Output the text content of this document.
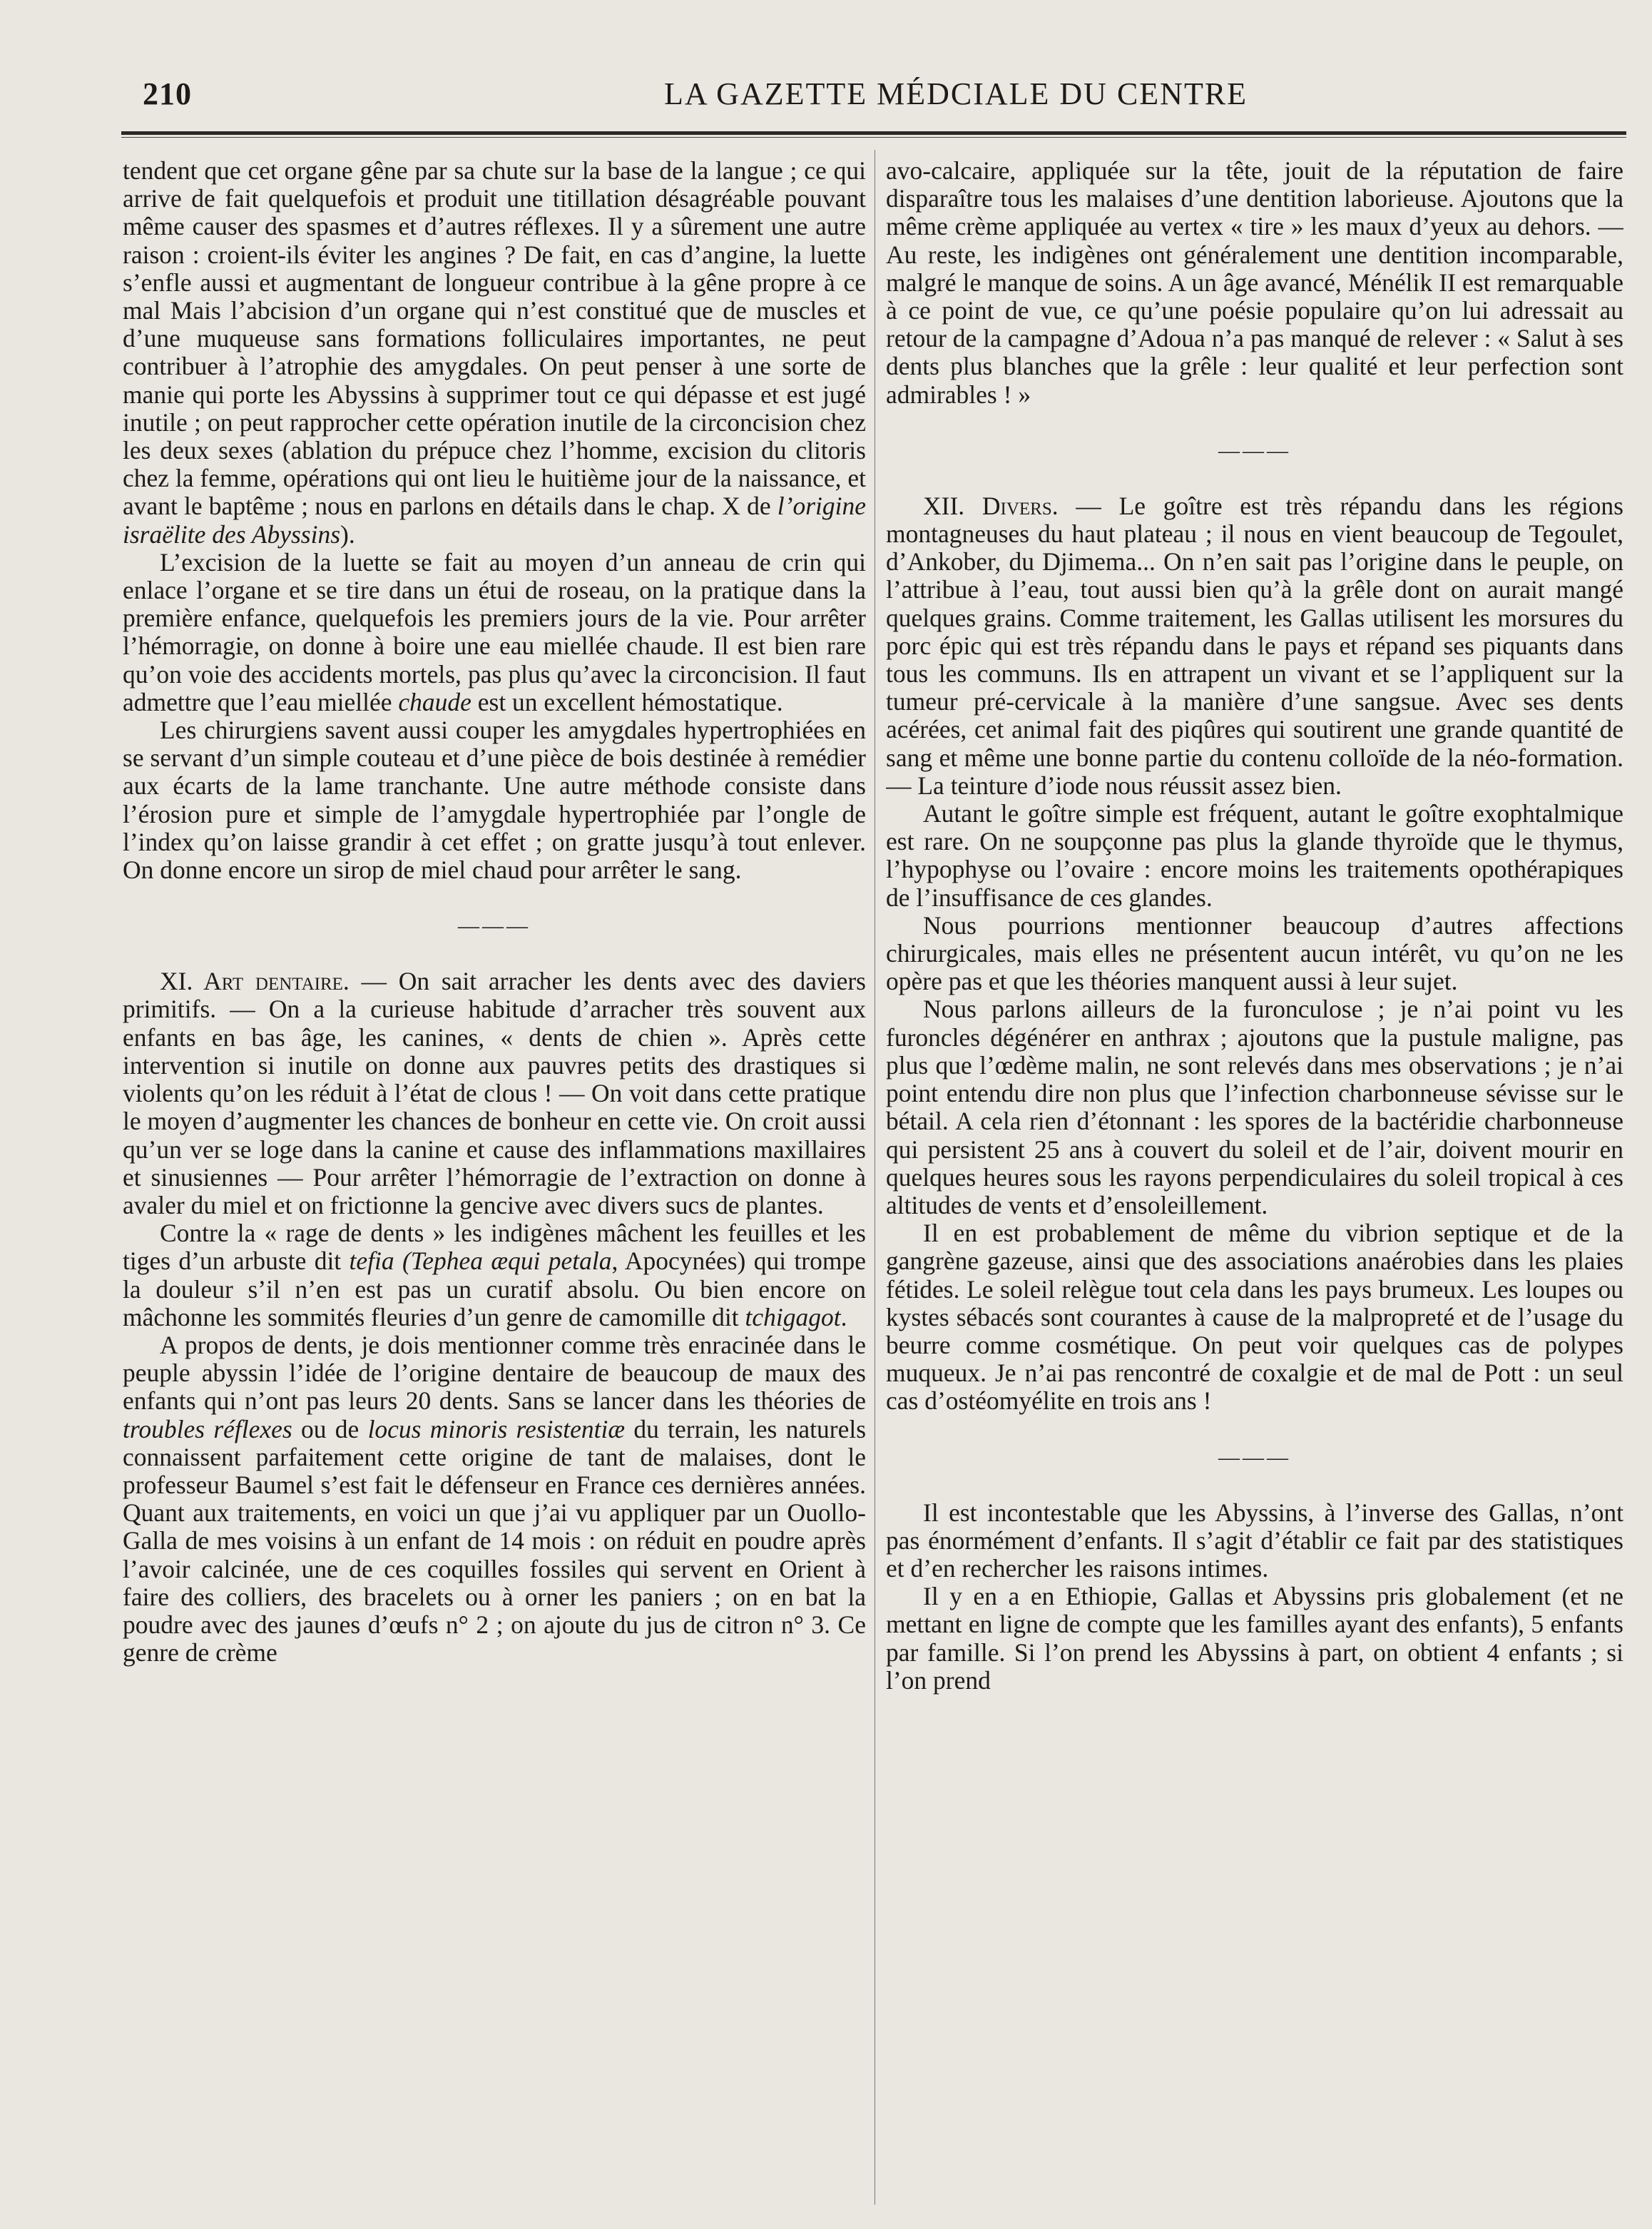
210	LA GAZETTE MÉDCIALE DU CENTRE

tendent que cet organe gêne par sa chute sur la base de la langue ; ce qui arrive de fait quelquefois et produit une titillation désagréable pouvant même causer des spasmes et d’autres réflexes. Il y a sûrement une autre raison : croient-ils éviter les angines ? De fait, en cas d’angine, la luette s’enfle aussi et augmentant de longueur contribue à la gêne propre à ce mal Mais l’abcision d’un organe qui n’est constitué que de muscles et d’une muqueuse sans formations folliculaires importantes, ne peut contribuer à l’atrophie des amygdales. On peut penser à une sorte de manie qui porte les Abyssins à supprimer tout ce qui dépasse et est jugé inutile ; on peut rapprocher cette opération inutile de la circoncision chez les deux sexes (ablation du prépuce chez l’homme, excision du clitoris chez la femme, opérations qui ont lieu le huitième jour de la naissance, et avant le baptême ; nous en parlons en détails dans le chap. X de l’origine israëlite des Abyssins).

L’excision de la luette se fait au moyen d’un anneau de crin qui enlace l’organe et se tire dans un étui de roseau, on la pratique dans la première enfance, quelquefois les premiers jours de la vie. Pour arrêter l’hémorragie, on donne à boire une eau miellée chaude. Il est bien rare qu’on voie des accidents mortels, pas plus qu’avec la circoncision. Il faut admettre que l’eau miellée chaude est un excellent hémostatique.

Les chirurgiens savent aussi couper les amygdales hypertrophiées en se servant d’un simple couteau et d’une pièce de bois destinée à remédier aux écarts de la lame tranchante. Une autre méthode consiste dans l’érosion pure et simple de l’amygdale hypertrophiée par l’ongle de l’index qu’on laisse grandir à cet effet ; on gratte jusqu’à tout enlever. On donne encore un sirop de miel chaud pour arrêter le sang.

———

XI. Art dentaire. — On sait arracher les dents avec des daviers primitifs. — On a la curieuse habitude d’arracher très souvent aux enfants en bas âge, les canines, « dents de chien ». Après cette intervention si inutile on donne aux pauvres petits des drastiques si violents qu’on les réduit à l’état de clous ! — On voit dans cette pratique le moyen d’augmenter les chances de bonheur en cette vie. On croit aussi qu’un ver se loge dans la canine et cause des inflammations maxillaires et sinusiennes — Pour arrêter l’hémorragie de l’extraction on donne à avaler du miel et on frictionne la gencive avec divers sucs de plantes.

Contre la « rage de dents » les indigènes mâchent les feuilles et les tiges d’un arbuste dit tefia (Tephea æqui petala, Apocynées) qui trompe la douleur s’il n’en est pas un curatif absolu. Ou bien encore on mâchonne les sommités fleuries d’un genre de camomille dit tchigagot.

A propos de dents, je dois mentionner comme très enracinée dans le peuple abyssin l’idée de l’origine dentaire de beaucoup de maux des enfants qui n’ont pas leurs 20 dents. Sans se lancer dans les théories de troubles réflexes ou de locus minoris resistentiæ du terrain, les naturels connaissent parfaitement cette origine de tant de malaises, dont le professeur Baumel s’est fait le défenseur en France ces dernières années. Quant aux traitements, en voici un que j’ai vu appliquer par un Ouollo-Galla de mes voisins à un enfant de 14 mois : on réduit en poudre après l’avoir calcinée, une de ces coquilles fossiles qui servent en Orient à faire des colliers, des bracelets ou à orner les paniers ; on en bat la poudre avec des jaunes d’œufs n° 2 ; on ajoute du jus de citron n° 3. Ce genre de crème

avo-calcaire, appliquée sur la tête, jouit de la réputation de faire disparaître tous les malaises d’une dentition laborieuse. Ajoutons que la même crème appliquée au vertex « tire » les maux d’yeux au dehors. — Au reste, les indigènes ont généralement une dentition incomparable, malgré le manque de soins. A un âge avancé, Ménélik II est remarquable à ce point de vue, ce qu’une poésie populaire qu’on lui adressait au retour de la campagne d’Adoua n’a pas manqué de relever : « Salut à ses dents plus blanches que la grêle : leur qualité et leur perfection sont admirables ! »

———

XII. Divers. — Le goître est très répandu dans les régions montagneuses du haut plateau ; il nous en vient beaucoup de Tegoulet, d’Ankober, du Djimema... On n’en sait pas l’origine dans le peuple, on l’attribue à l’eau, tout aussi bien qu’à la grêle dont on aurait mangé quelques grains. Comme traitement, les Gallas utilisent les morsures du porc épic qui est très répandu dans le pays et répand ses piquants dans tous les communs. Ils en attrapent un vivant et se l’appliquent sur la tumeur pré-cervicale à la manière d’une sangsue. Avec ses dents acérées, cet animal fait des piqûres qui soutirent une grande quantité de sang et même une bonne partie du contenu colloïde de la néo-formation. — La teinture d’iode nous réussit assez bien.

Autant le goître simple est fréquent, autant le goître exophtalmique est rare. On ne soupçonne pas plus la glande thyroïde que le thymus, l’hypophyse ou l’ovaire : encore moins les traitements opothérapiques de l’insuffisance de ces glandes.

Nous pourrions mentionner beaucoup d’autres affections chirurgicales, mais elles ne présentent aucun intérêt, vu qu’on ne les opère pas et que les théories manquent aussi à leur sujet.

Nous parlons ailleurs de la furonculose ; je n’ai point vu les furoncles dégénérer en anthrax ; ajoutons que la pustule maligne, pas plus que l’œdème malin, ne sont relevés dans mes observations ; je n’ai point entendu dire non plus que l’infection charbonneuse sévisse sur le bétail. A cela rien d’étonnant : les spores de la bactéridie charbonneuse qui persistent 25 ans à couvert du soleil et de l’air, doivent mourir en quelques heures sous les rayons perpendiculaires du soleil tropical à ces altitudes de vents et d’ensoleillement.

Il en est probablement de même du vibrion septique et de la gangrène gazeuse, ainsi que des associations anaérobies dans les plaies fétides. Le soleil relègue tout cela dans les pays brumeux. Les loupes ou kystes sébacés sont courantes à cause de la malpropreté et de l’usage du beurre comme cosmétique. On peut voir quelques cas de polypes muqueux. Je n’ai pas rencontré de coxalgie et de mal de Pott : un seul cas d’ostéomyélite en trois ans !

———

Il est incontestable que les Abyssins, à l’inverse des Gallas, n’ont pas énormément d’enfants. Il s’agit d’établir ce fait par des statistiques et d’en rechercher les raisons intimes.

Il y en a en Ethiopie, Gallas et Abyssins pris globalement (et ne mettant en ligne de compte que les familles ayant des enfants), 5 enfants par famille. Si l’on prend les Abyssins à part, on obtient 4 enfants ; si l’on prend
